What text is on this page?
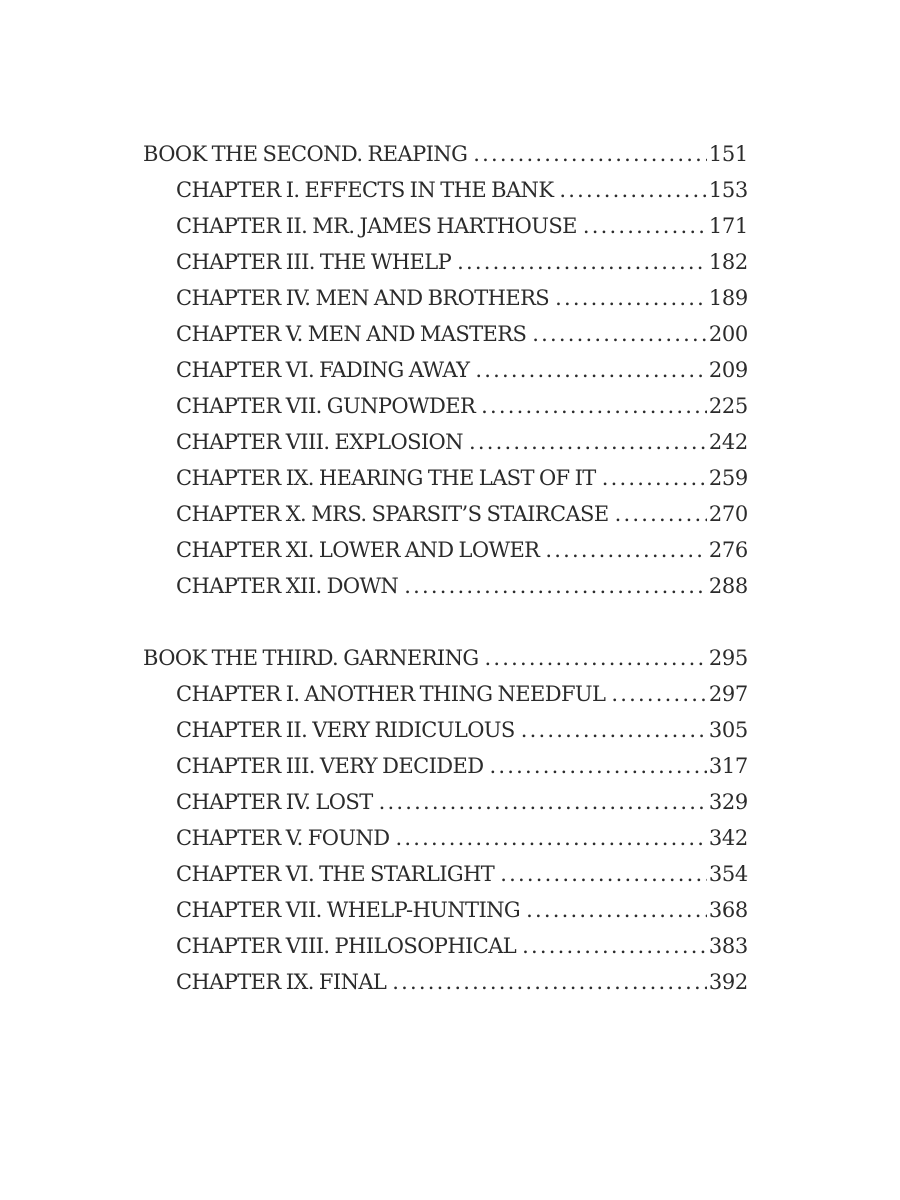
BOOK THE SECOND. REAPING .....	151
CHAPTER I. EFFECTS IN THE BANK .....	153
CHAPTER II. MR. JAMES HARTHOUSE .....	171
CHAPTER III. THE WHELP .....	182
CHAPTER IV. MEN AND BROTHERS .....	189
CHAPTER V. MEN AND MASTERS .....	200
CHAPTER VI. FADING AWAY .....	209
CHAPTER VII. GUNPOWDER .....	225
CHAPTER VIII. EXPLOSION .....	242
CHAPTER IX. HEARING THE LAST OF IT .....	259
CHAPTER X. MRS. SPARSIT’S STAIRCASE .....	270
CHAPTER XI. LOWER AND LOWER .....	276
CHAPTER XII. DOWN .....	288
BOOK THE THIRD. GARNERING .....	295
CHAPTER I. ANOTHER THING NEEDFUL .....	297
CHAPTER II. VERY RIDICULOUS .....	305
CHAPTER III. VERY DECIDED .....	317
CHAPTER IV. LOST .....	329
CHAPTER V. FOUND .....	342
CHAPTER VI. THE STARLIGHT .....	354
CHAPTER VII. WHELP-HUNTING .....	368
CHAPTER VIII. PHILOSOPHICAL .....	383
CHAPTER IX. FINAL .....	392
